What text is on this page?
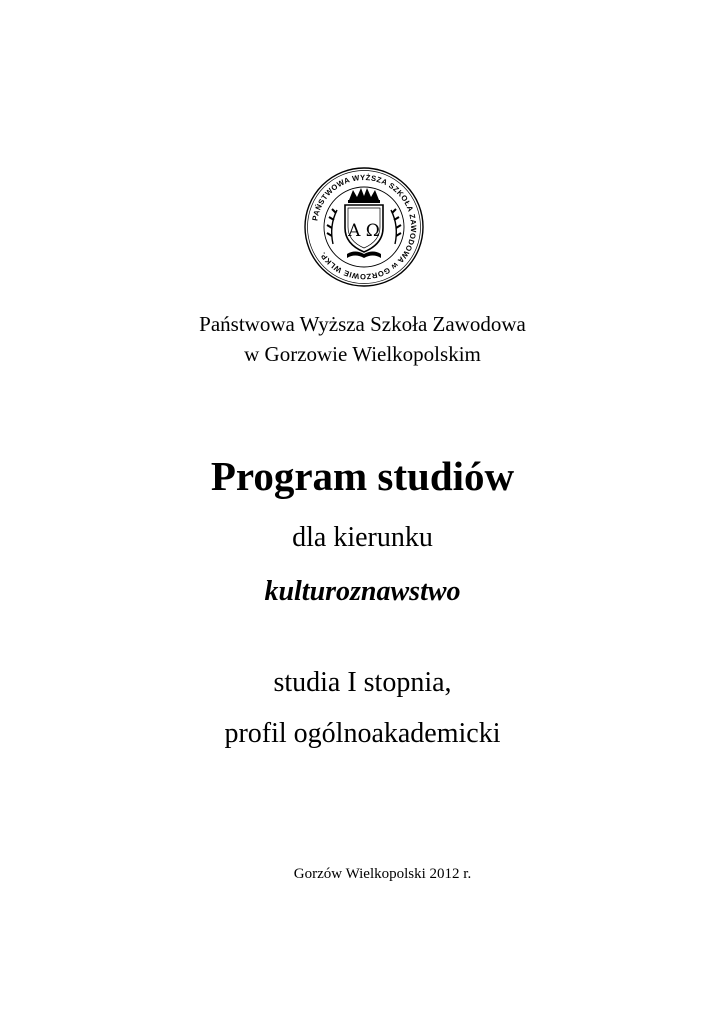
PAŃSTWOWA WYŻSZA SZKOŁA ZAWODOWA w GORZOWIE WLKP.
Α Ω
Państwowa Wyższa Szkoła Zawodowa
w Gorzowie Wielkopolskim
Program studiów
dla kierunku
kulturoznawstwo
studia I stopnia,
profil ogólnoakademicki
Gorzów Wielkopolski 2012 r.
